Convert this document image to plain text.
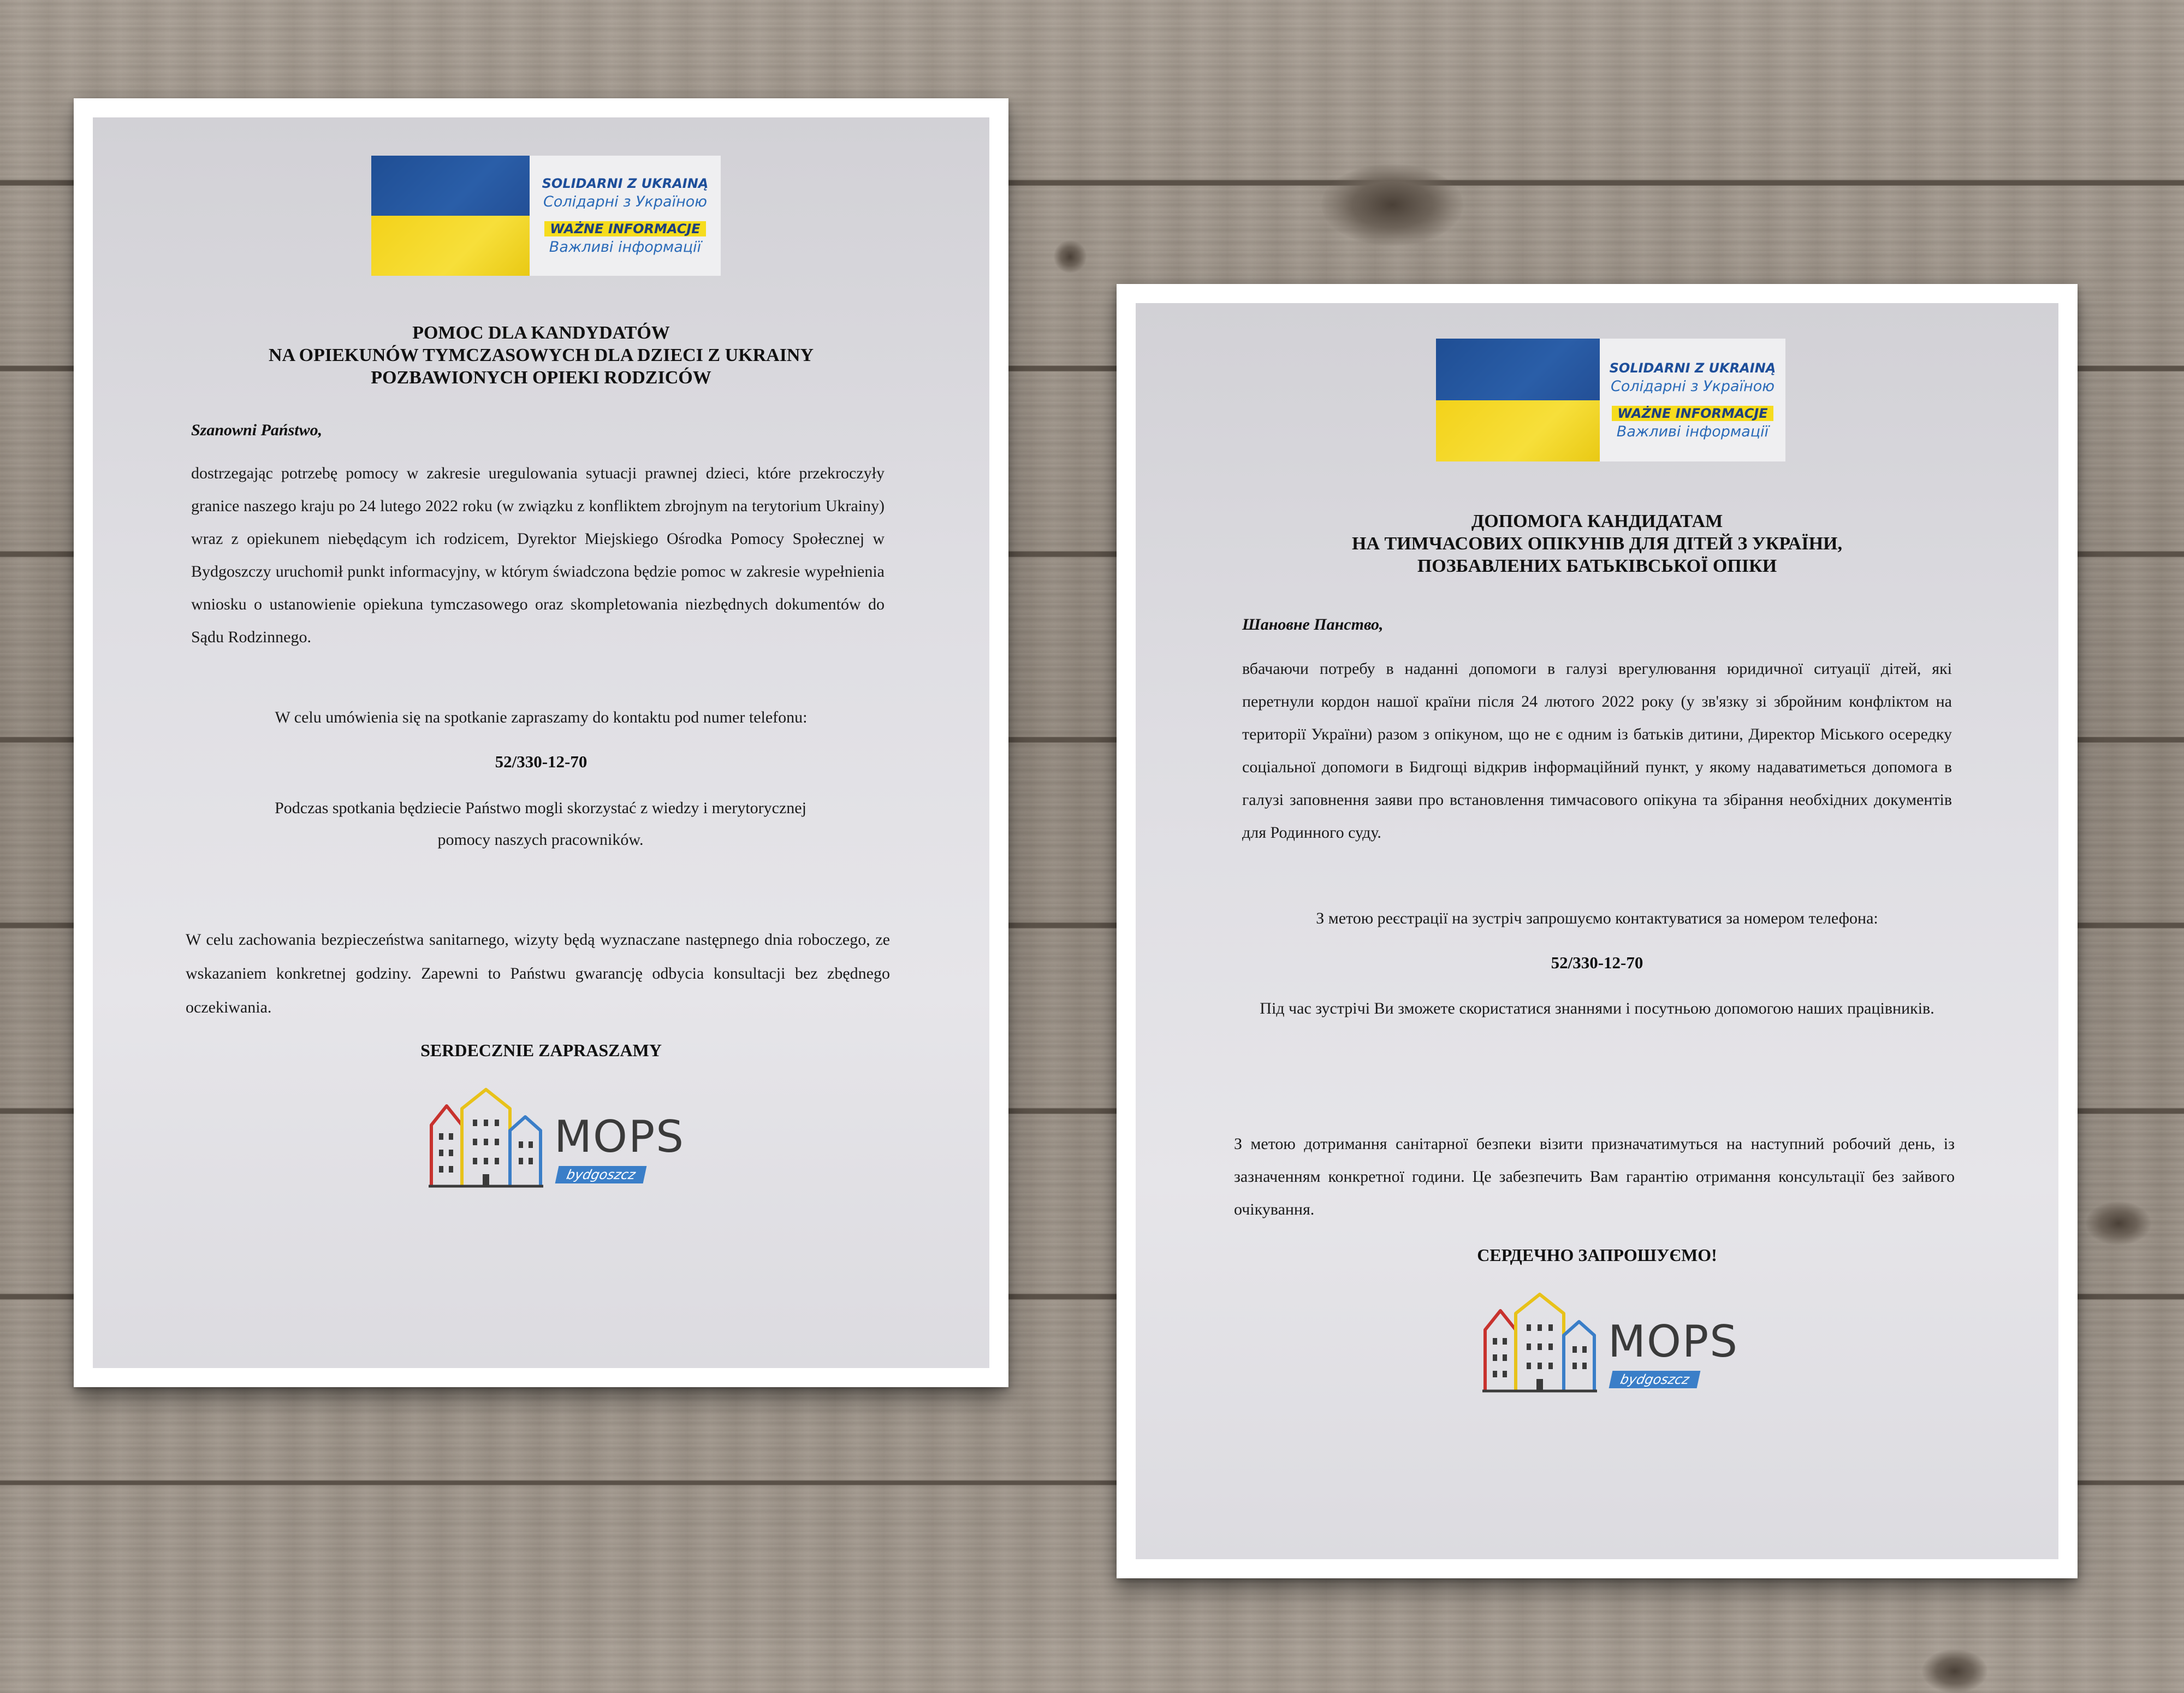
SOLIDARNI Z UKRAINĄ
Солідарні з Україною
WAŻNE INFORMACJE
Важливі інформації
POMOC DLA KANDYDATÓW
NA OPIEKUNÓW TYMCZASOWYCH DLA DZIECI Z UKRAINY
POZBAWIONYCH OPIEKI RODZICÓW
Szanowni Państwo,
dostrzegając potrzebę pomocy w zakresie uregulowania sytuacji prawnej dzieci, które przekroczyły granice naszego kraju po 24 lutego 2022 roku (w związku z konfliktem zbrojnym na terytorium Ukrainy) wraz z opiekunem niebędącym ich rodzicem, Dyrektor Miejskiego Ośrodka Pomocy Społecznej w Bydgoszczy uruchomił punkt informacyjny, w którym świadczona będzie pomoc w zakresie wypełnienia wniosku o ustanowienie opiekuna tymczasowego oraz skompletowania niezbędnych dokumentów do Sądu Rodzinnego.
W celu umówienia się na spotkanie zapraszamy do kontaktu pod numer telefonu:
52/330-12-70
Podczas spotkania będziecie Państwo mogli skorzystać z wiedzy i merytorycznej pomocy naszych pracowników.
W celu zachowania bezpieczeństwa sanitarnego, wizyty będą wyznaczane następnego dnia roboczego, ze wskazaniem konkretnej godziny. Zapewni to Państwu gwarancję odbycia konsultacji bez zbędnego oczekiwania.
SERDECZNIE ZAPRASZAMY
MOPS
bydgoszcz
SOLIDARNI Z UKRAINĄ
Солідарні з Україною
WAŻNE INFORMACJE
Важливі інформації
ДОПОМОГА КАНДИДАТАМ
НА ТИМЧАСОВИХ ОПІКУНІВ ДЛЯ ДІТЕЙ З УКРАЇНИ,
ПОЗБАВЛЕНИХ БАТЬКІВСЬКОЇ ОПІКИ
Шановне Панство,
вбачаючи потребу в наданні допомоги в галузі врегулювання юридичної ситуації дітей, які перетнули кордон нашої країни після 24 лютого 2022 року (у зв'язку зі збройним конфліктом на території України) разом з опікуном, що не є одним із батьків дитини, Директор Міського осередку соціальної допомоги в Бидгощі відкрив інформаційний пункт, у якому надаватиметься допомога в галузі заповнення заяви про встановлення тимчасового опікуна та збірання необхідних документів для Родинного суду.
З метою реєстрації на зустріч запрошуємо контактуватися за номером телефона:
52/330-12-70
Під час зустрічі Ви зможете скористатися знаннями і посутньою допомогою наших працівників.
З метою дотримання санітарної безпеки візити призначатимуться на наступний робочий день, із зазначенням конкретної години. Це забезпечить Вам гарантію отримання консультації без зайвого очікування.
СЕРДЕЧНО ЗАПРОШУЄМО!
MOPS
bydgoszcz
